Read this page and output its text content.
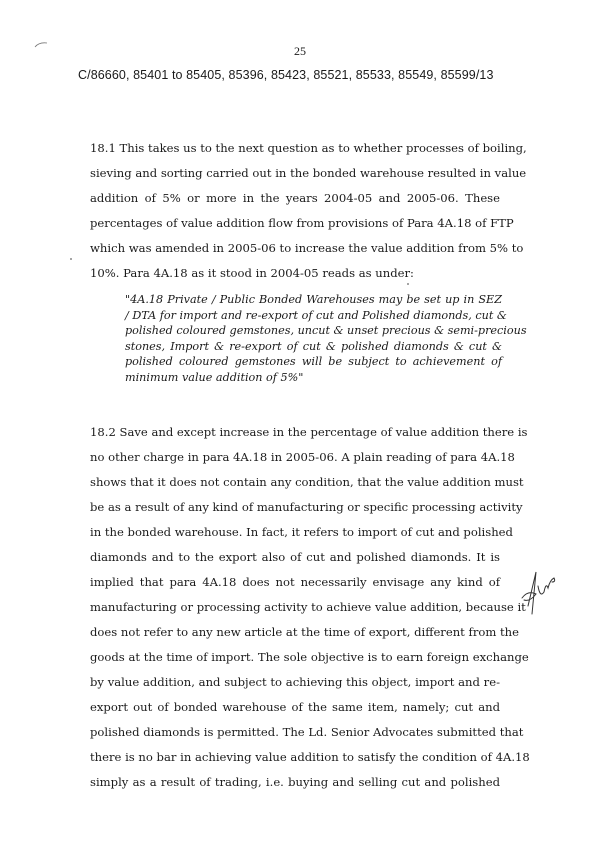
25
C/86660, 85401 to 85405, 85396, 85423, 85521, 85533, 85549, 85599/13
18.1 This takes us to the next question as to whether processes of boiling,
sieving and sorting carried out in the bonded warehouse resulted in value
addition of 5% or more in the years 2004-05 and 2005-06. These
percentages of value addition flow from provisions of Para 4A.18 of FTP
which was amended in 2005-06 to increase the value addition from 5% to
10%. Para 4A.18 as it stood in 2004-05 reads as under:
"4A.18 Private / Public Bonded Warehouses may be set up in SEZ
/ DTA for import and re-export of cut and Polished diamonds, cut &
polished coloured gemstones, uncut & unset precious & semi-precious
stones, Import & re-export of cut & polished diamonds & cut &
polished coloured gemstones will be subject to achievement of
minimum value addition of 5%"
18.2 Save and except increase in the percentage of value addition there is
no other charge in para 4A.18 in 2005-06. A plain reading of para 4A.18
shows that it does not contain any condition, that the value addition must
be as a result of any kind of manufacturing or specific processing activity
in the bonded warehouse. In fact, it refers to import of cut and polished
diamonds and to the export also of cut and polished diamonds. It is
implied that para 4A.18 does not necessarily envisage any kind of
manufacturing or processing activity to achieve value addition, because it
does not refer to any new article at the time of export, different from the
goods at the time of import. The sole objective is to earn foreign exchange
by value addition, and subject to achieving this object, import and re-
export out of bonded warehouse of the same item, namely; cut and
polished diamonds is permitted. The Ld. Senior Advocates submitted that
there is no bar in achieving value addition to satisfy the condition of 4A.18
simply as a result of trading, i.e. buying and selling cut and polished
